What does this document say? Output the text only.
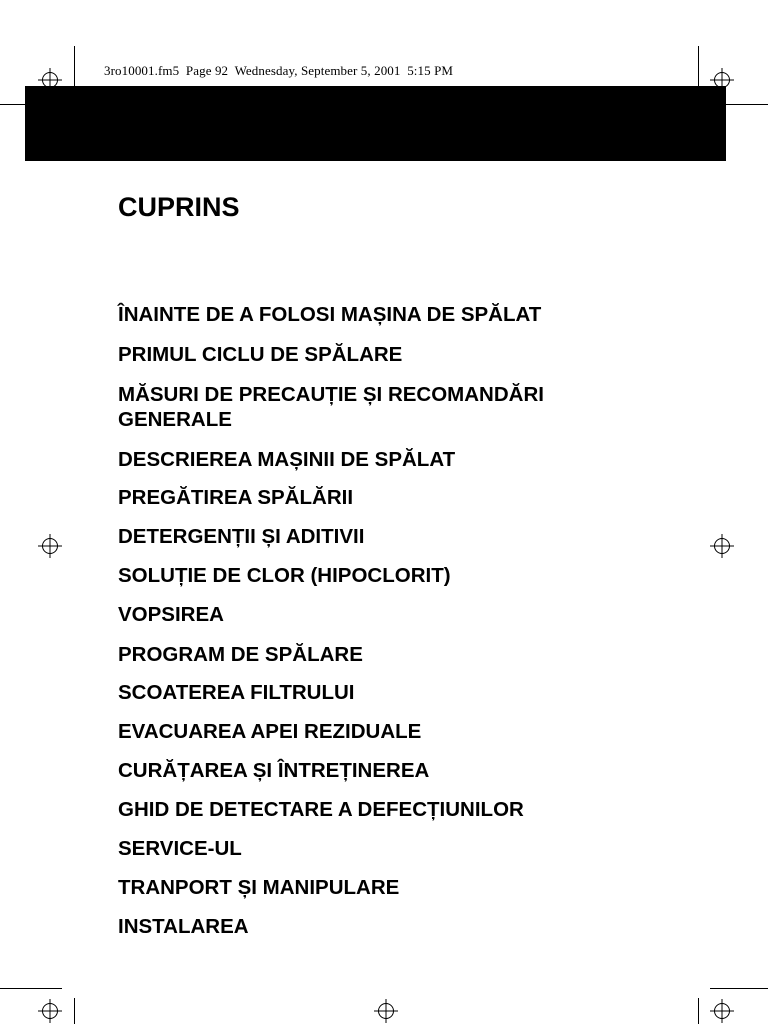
3ro10001.fm5  Page 92  Wednesday, September 5, 2001  5:15 PM
CUPRINS
ÎNAINTE DE A FOLOSI MAȘINA DE SPĂLAT
PRIMUL CICLU DE SPĂLARE
MĂSURI DE PRECAUȚIE ȘI RECOMANDĂRI
GENERALE
DESCRIEREA MAȘINII DE SPĂLAT
PREGĂTIREA SPĂLĂRII
DETERGENȚII ȘI ADITIVII
SOLUȚIE DE CLOR (HIPOCLORIT)
VOPSIREA
PROGRAM DE SPĂLARE
SCOATEREA FILTRULUI
EVACUAREA APEI REZIDUALE
CURĂȚAREA ȘI ÎNTREȚINEREA
GHID DE DETECTARE A DEFECȚIUNILOR
SERVICE-UL
TRANPORT ȘI MANIPULARE
INSTALAREA
